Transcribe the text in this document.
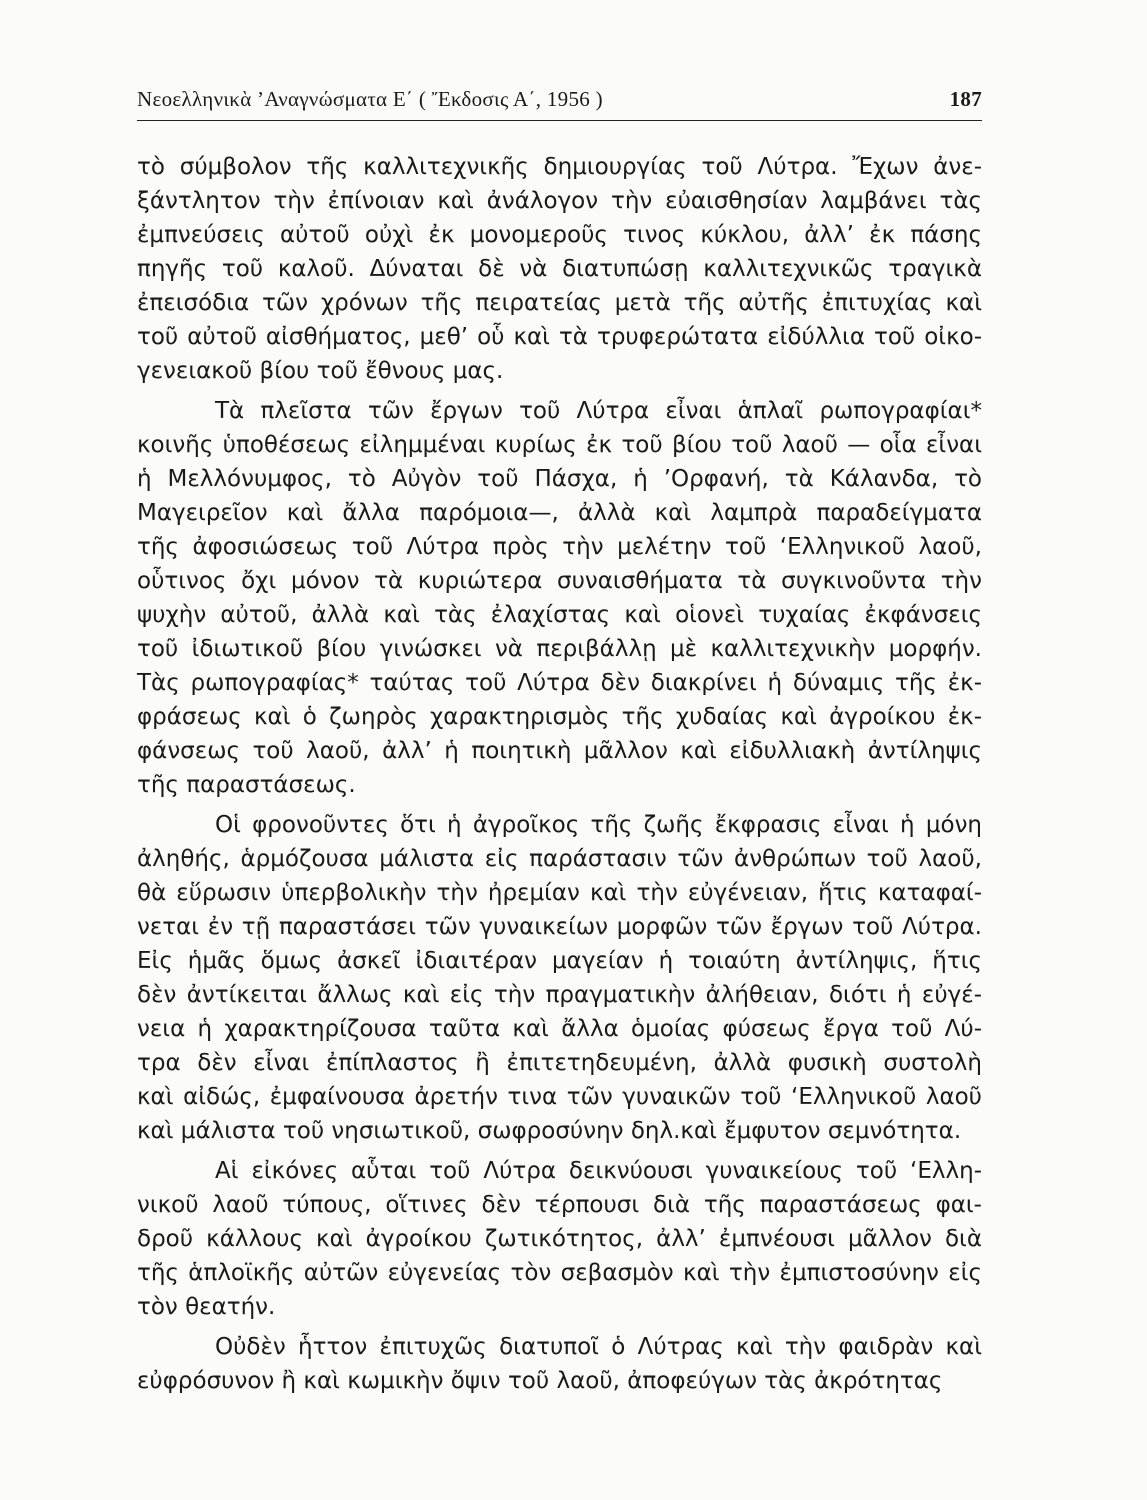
Νεοελληνικὰ ’Αναγνώσματα Ε΄ ( Ἔκδοσις Α΄, 1956 )	187
τὸ σύμβολον τῆς καλλιτεχνικῆς δημιουργίας τοῦ Λύτρα. Ἔχων ἀνε-
ξάντλητον τὴν ἐπίνοιαν καὶ ἀνάλογον τὴν εὐαισθησίαν λαμβάνει τὰς
ἐμπνεύσεις αὐτοῦ οὐχὶ ἐκ μονομεροῦς τινος κύκλου, ἀλλ’ ἐκ πάσης
πηγῆς τοῦ καλοῦ. Δύναται δὲ νὰ διατυπώσῃ καλλιτεχνικῶς τραγικὰ
ἐπεισόδια τῶν χρόνων τῆς πειρατείας μετὰ τῆς αὐτῆς ἐπιτυχίας καὶ
τοῦ αὐτοῦ αἰσθήματος, μεθ’ οὗ καὶ τὰ τρυφερώτατα εἰδύλλια τοῦ οἰκο-
γενειακοῦ βίου τοῦ ἔθνους μας.
Τὰ πλεῖστα τῶν ἔργων τοῦ Λύτρα εἶναι ἁπλαῖ ρωπογραφίαι*
κοινῆς ὑποθέσεως εἰλημμέναι κυρίως ἐκ τοῦ βίου τοῦ λαοῦ — οἷα εἶναι
ἡ Μελλόνυμφος, τὸ Αὐγὸν τοῦ Πάσχα, ἡ ’Ορφανή, τὰ Κάλανδα, τὸ
Μαγειρεῖον καὶ ἄλλα παρόμοια—, ἀλλὰ καὶ λαμπρὰ παραδείγματα
τῆς ἀφοσιώσεως τοῦ Λύτρα πρὸς τὴν μελέτην τοῦ ‘Ελληνικοῦ λαοῦ,
οὗτινος ὄχι μόνον τὰ κυριώτερα συναισθήματα τὰ συγκινοῦντα τὴν
ψυχὴν αὐτοῦ, ἀλλὰ καὶ τὰς ἐλαχίστας καὶ οἱονεὶ τυχαίας ἐκφάνσεις
τοῦ ἰδιωτικοῦ βίου γινώσκει νὰ περιβάλλῃ μὲ καλλιτεχνικὴν μορφήν.
Τὰς ρωπογραφίας* ταύτας τοῦ Λύτρα δὲν διακρίνει ἡ δύναμις τῆς ἐκ-
φράσεως καὶ ὁ ζωηρὸς χαρακτηρισμὸς τῆς χυδαίας καὶ ἀγροίκου ἐκ-
φάνσεως τοῦ λαοῦ, ἀλλ’ ἡ ποιητικὴ μᾶλλον καὶ εἰδυλλιακὴ ἀντίληψις
τῆς παραστάσεως.
Οἱ φρονοῦντες ὅτι ἡ ἀγροῖκος τῆς ζωῆς ἔκφρασις εἶναι ἡ μόνη
ἀληθής, ἁρμόζουσα μάλιστα εἰς παράστασιν τῶν ἀνθρώπων τοῦ λαοῦ,
θὰ εὕρωσιν ὑπερβολικὴν τὴν ἠρεμίαν καὶ τὴν εὐγένειαν, ἥτις καταφαί-
νεται ἐν τῇ παραστάσει τῶν γυναικείων μορφῶν τῶν ἔργων τοῦ Λύτρα.
Εἰς ἡμᾶς ὅμως ἀσκεῖ ἰδιαιτέραν μαγείαν ἡ τοιαύτη ἀντίληψις, ἥτις
δὲν ἀντίκειται ἄλλως καὶ εἰς τὴν πραγματικὴν ἀλήθειαν, διότι ἡ εὐγέ-
νεια ἡ χαρακτηρίζουσα ταῦτα καὶ ἄλλα ὁμοίας φύσεως ἔργα τοῦ Λύ-
τρα δὲν εἶναι ἐπίπλαστος ἢ ἐπιτετηδευμένη, ἀλλὰ φυσικὴ συστολὴ
καὶ αἰδώς, ἐμφαίνουσα ἀρετήν τινα τῶν γυναικῶν τοῦ ‘Ελληνικοῦ λαοῦ
καὶ μάλιστα τοῦ νησιωτικοῦ, σωφροσύνην δηλ.καὶ ἔμφυτον σεμνότητα.
Αἱ εἰκόνες αὗται τοῦ Λύτρα δεικνύουσι γυναικείους τοῦ ‘Ελλη-
νικοῦ λαοῦ τύπους, οἵτινες δὲν τέρπουσι διὰ τῆς παραστάσεως φαι-
δροῦ κάλλους καὶ ἀγροίκου ζωτικότητος, ἀλλ’ ἐμπνέουσι μᾶλλον διὰ
τῆς ἁπλοϊκῆς αὐτῶν εὐγενείας τὸν σεβασμὸν καὶ τὴν ἐμπιστοσύνην εἰς
τὸν θεατήν.
Οὐδὲν ἧττον ἐπιτυχῶς διατυποῖ ὁ Λύτρας καὶ τὴν φαιδρὰν καὶ
εὐφρόσυνον ἢ καὶ κωμικὴν ὄψιν τοῦ λαοῦ, ἀποφεύγων τὰς ἀκρότητας
